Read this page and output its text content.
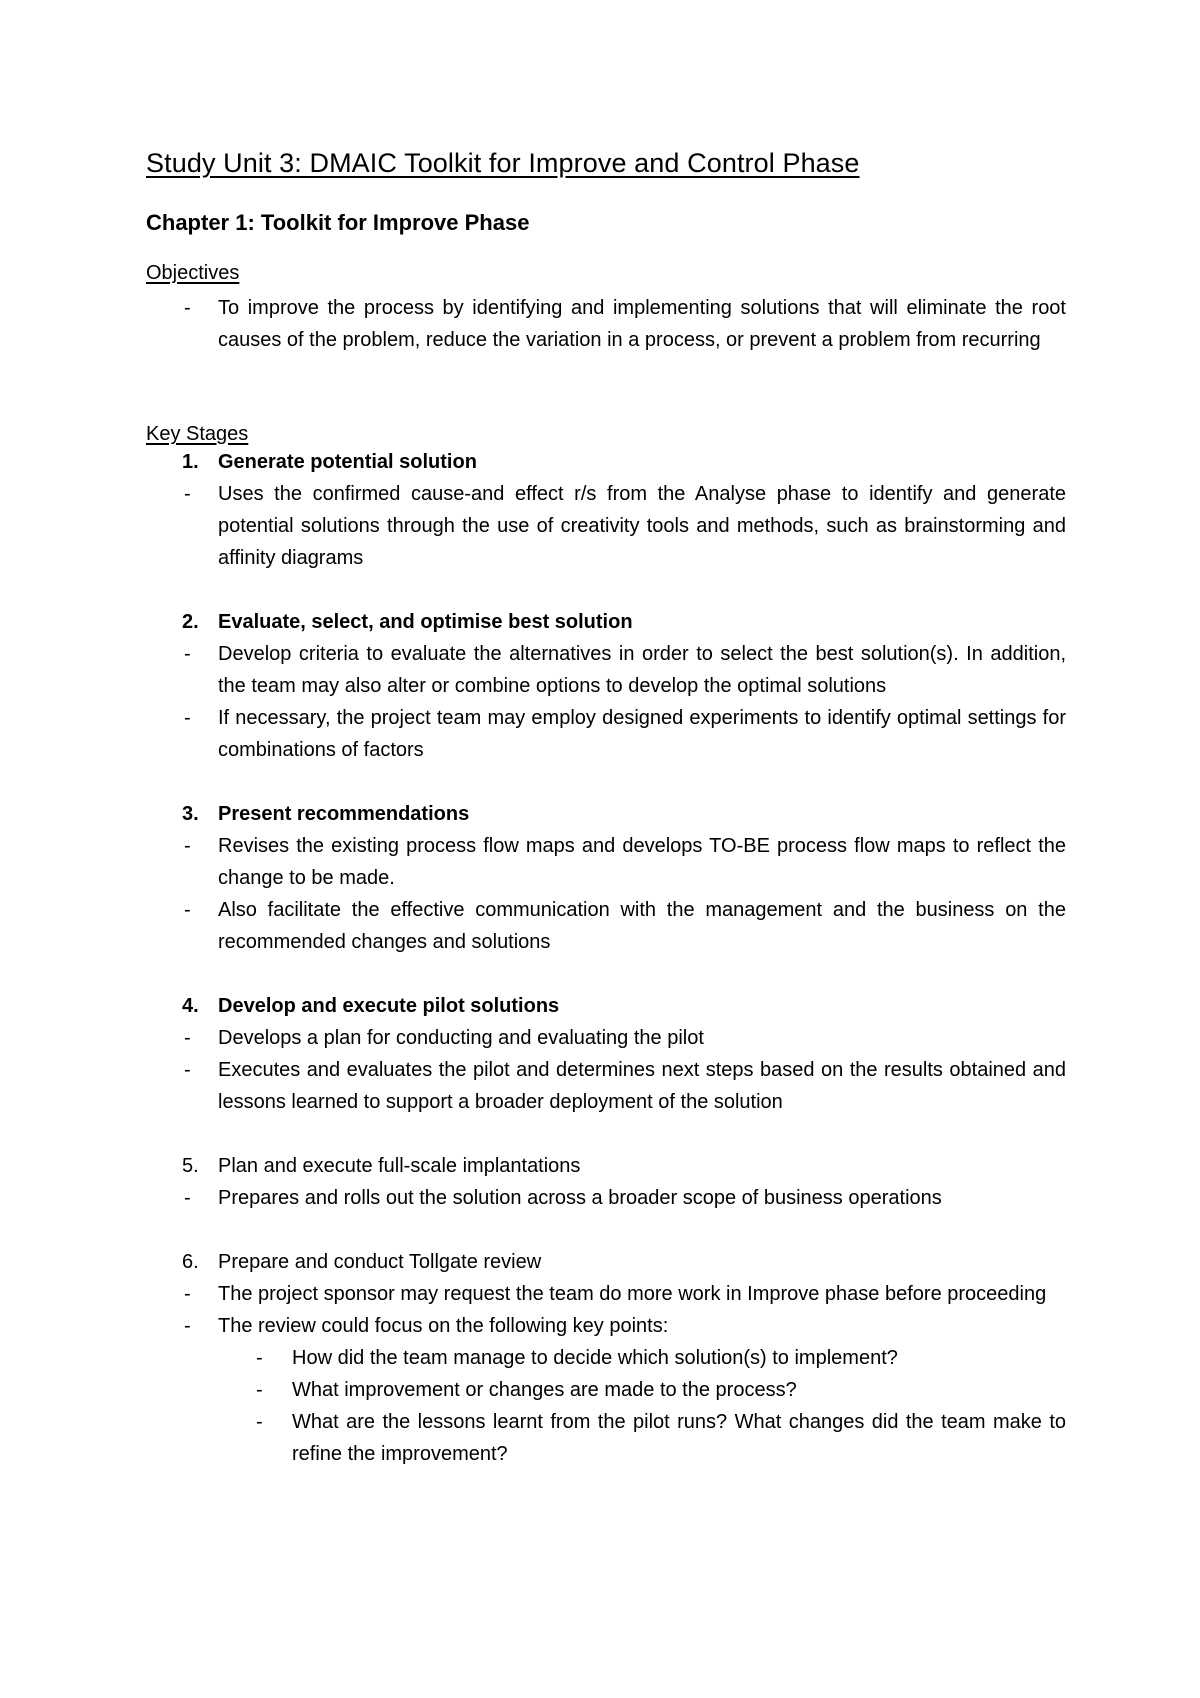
Study Unit 3: DMAIC Toolkit for Improve and Control Phase
Chapter 1: Toolkit for Improve Phase
Objectives
- To improve the process by identifying and implementing solutions that will eliminate the root causes of the problem, reduce the variation in a process, or prevent a problem from recurring
Key Stages
1. Generate potential solution
- Uses the confirmed cause-and effect r/s from the Analyse phase to identify and generate potential solutions through the use of creativity tools and methods, such as brainstorming and affinity diagrams
2. Evaluate, select, and optimise best solution
- Develop criteria to evaluate the alternatives in order to select the best solution(s). In addition, the team may also alter or combine options to develop the optimal solutions
- If necessary, the project team may employ designed experiments to identify optimal settings for combinations of factors
3. Present recommendations
- Revises the existing process flow maps and develops TO-BE process flow maps to reflect the change to be made.
- Also facilitate the effective communication with the management and the business on the recommended changes and solutions
4. Develop and execute pilot solutions
- Develops a plan for conducting and evaluating the pilot
- Executes and evaluates the pilot and determines next steps based on the results obtained and lessons learned to support a broader deployment of the solution
5. Plan and execute full-scale implantations
- Prepares and rolls out the solution across a broader scope of business operations
6. Prepare and conduct Tollgate review
- The project sponsor may request the team do more work in Improve phase before proceeding
- The review could focus on the following key points:
- How did the team manage to decide which solution(s) to implement?
- What improvement or changes are made to the process?
- What are the lessons learnt from the pilot runs? What changes did the team make to refine the improvement?
